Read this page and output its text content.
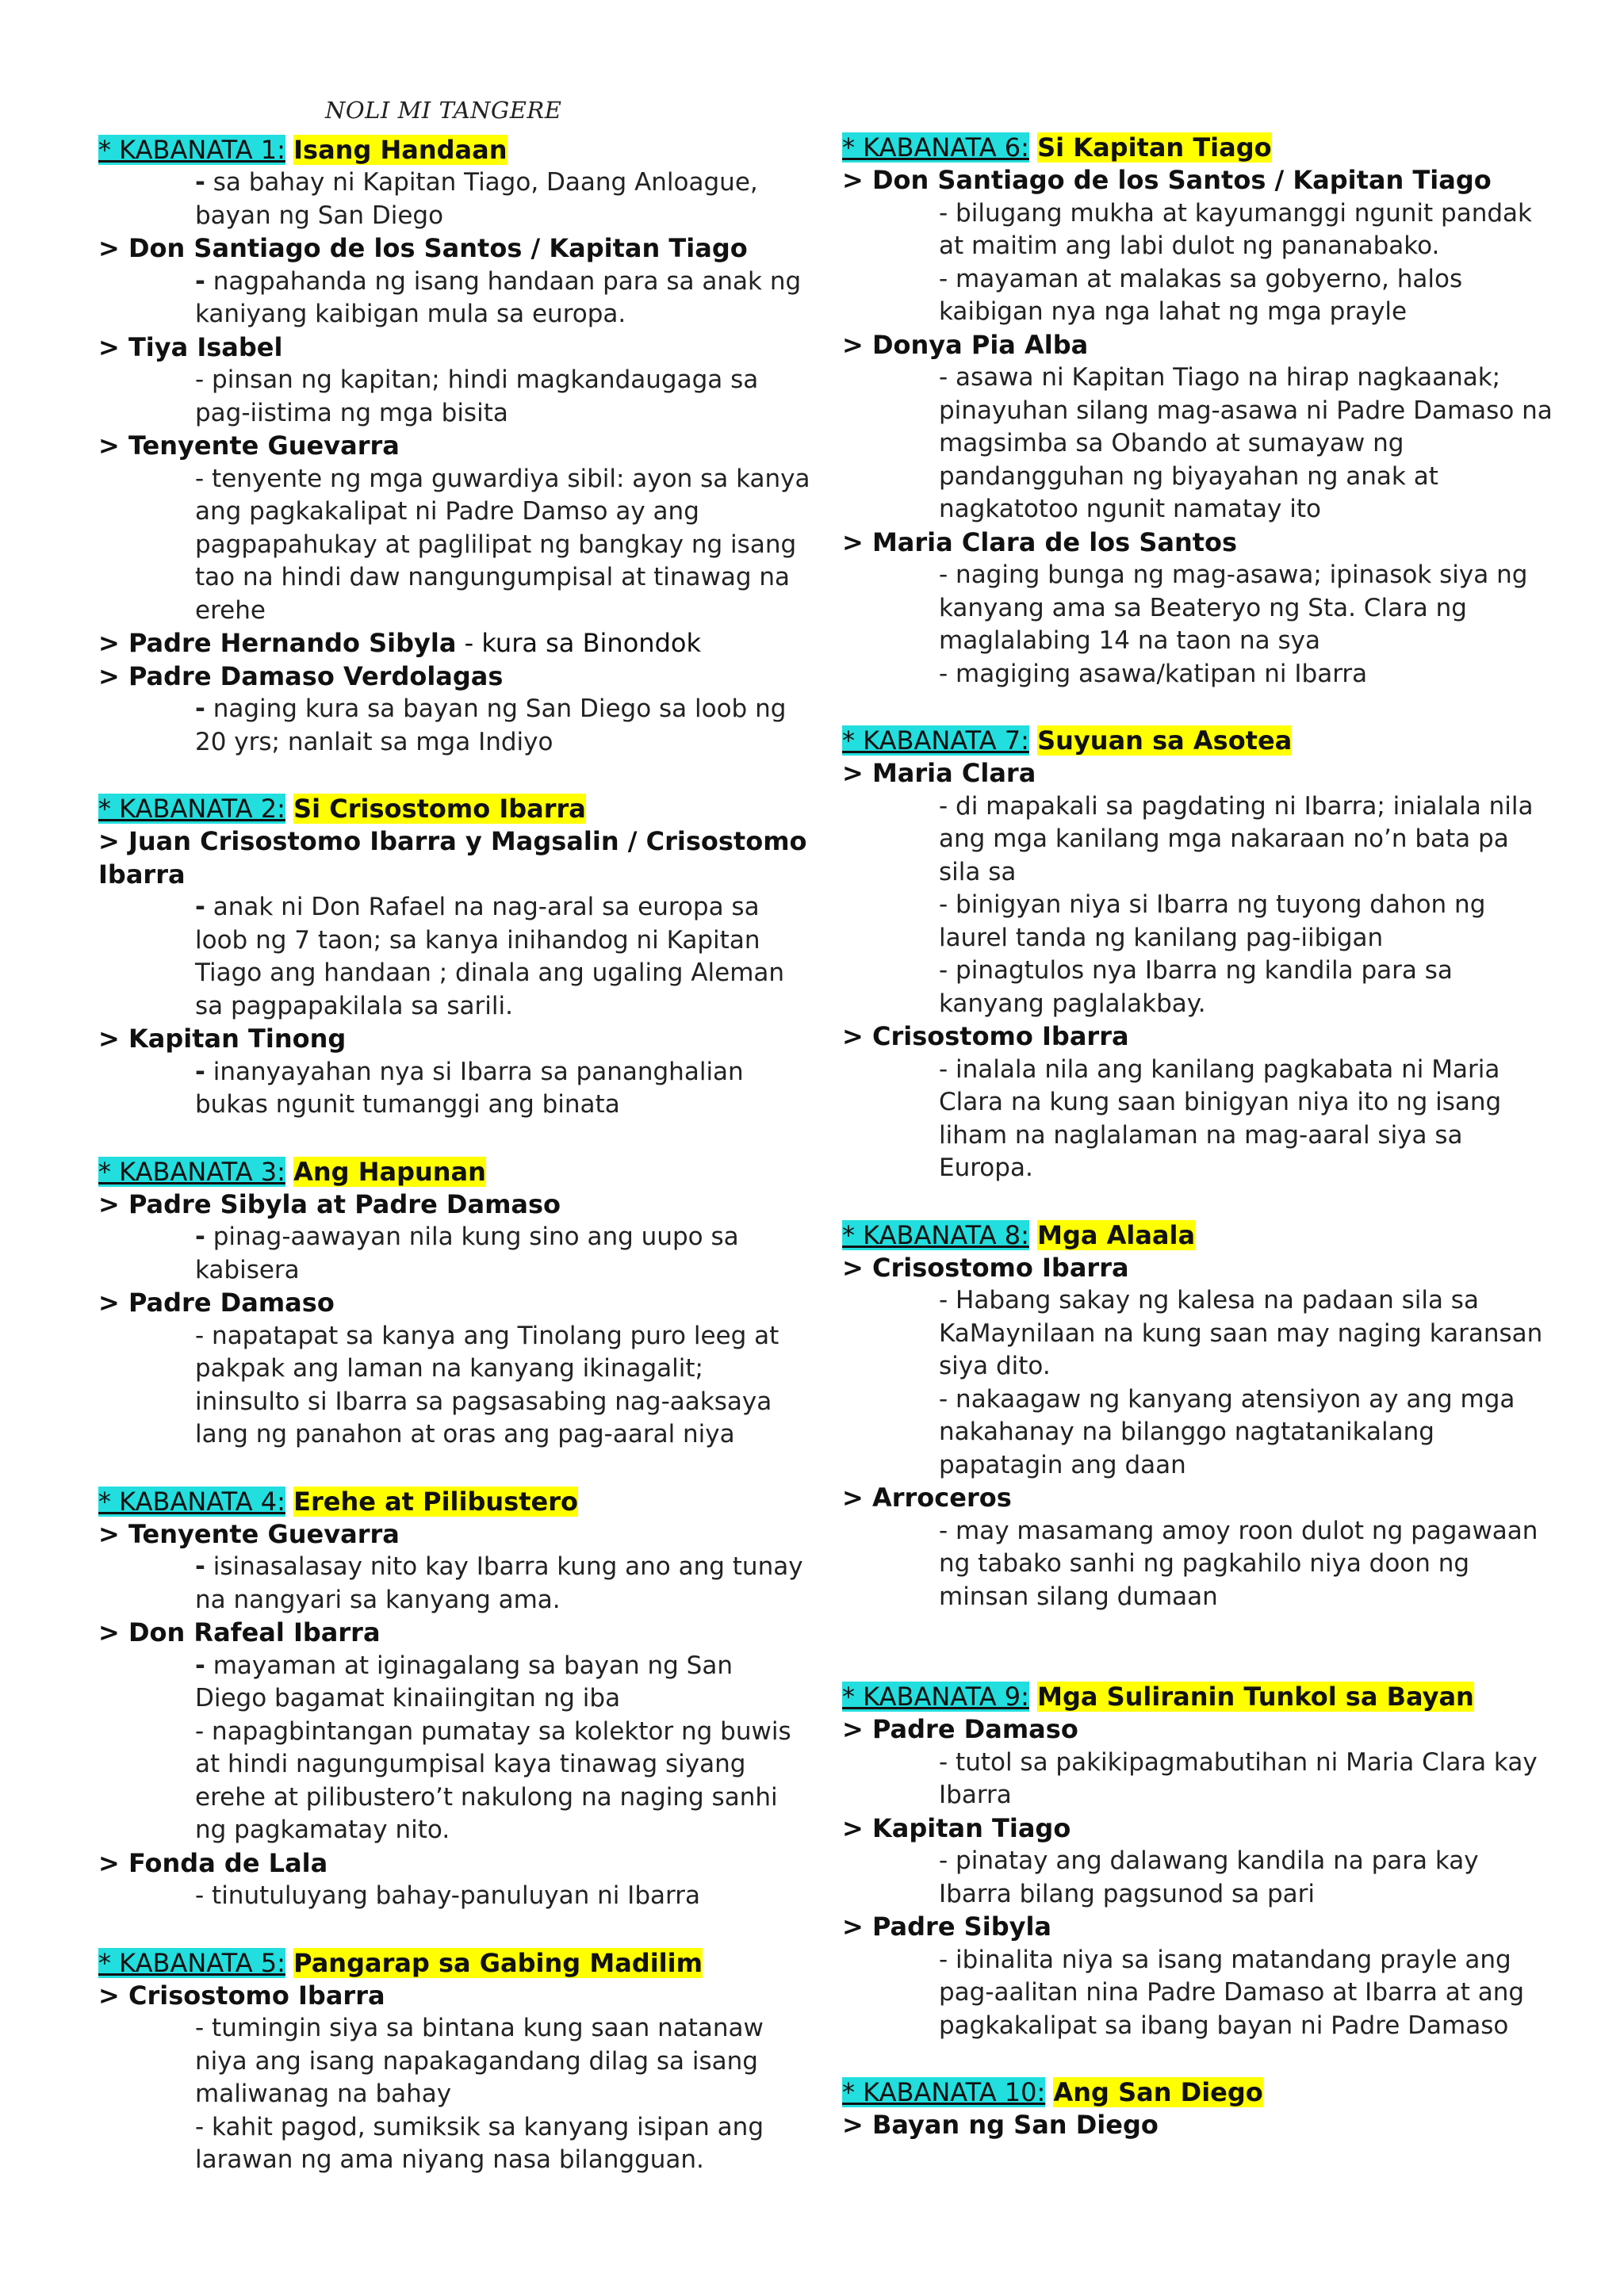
NOLI MI TANGERE
* KABANATA 1: Isang Handaan

- sa bahay ni Kapitan Tiago, Daang Anloague, bayan ng San Diego

> Don Santiago de los Santos / Kapitan Tiago

- nagpahanda ng isang handaan para sa anak ng kaniyang kaibigan mula sa europa.

> Tiya Isabel

- pinsan ng kapitan; hindi magkandaugaga sa pag-iistima ng mga bisita

> Tenyente Guevarra

- tenyente ng mga guwardiya sibil: ayon sa kanya ang pagkakalipat ni Padre Damso ay ang pagpapahukay at paglilipat ng bangkay ng isang tao na hindi daw nangungumpisal at tinawag na erehe

> Padre Hernando Sibyla - kura sa Binondok

> Padre Damaso Verdolagas

- naging kura sa bayan ng San Diego sa loob ng 20 yrs; nanlait sa mga Indiyo

* KABANATA 2: Si Crisostomo Ibarra

> Juan Crisostomo Ibarra y Magsalin / Crisostomo Ibarra

- anak ni Don Rafael na nag-aral sa europa sa loob ng 7 taon; sa kanya inihandog ni Kapitan Tiago ang handaan ; dinala ang ugaling Aleman sa pagpapakilala sa sarili.

> Kapitan Tinong

- inanyayahan nya si Ibarra sa pananghalian bukas ngunit tumanggi ang binata

* KABANATA 3: Ang Hapunan

> Padre Sibyla at Padre Damaso

- pinag-aawayan nila kung sino ang uupo sa kabisera

> Padre Damaso

- napatapat sa kanya ang Tinolang puro leeg at pakpak ang laman na kanyang ikinagalit; ininsulto si Ibarra sa pagsasabing nag-aaksaya lang ng panahon at oras ang pag-aaral niya

* KABANATA 4: Erehe at Pilibustero

> Tenyente Guevarra

- isinasalasay nito kay Ibarra kung ano ang tunay na nangyari sa kanyang ama.

> Don Rafeal Ibarra

- mayaman at iginagalang sa bayan ng San Diego bagamat kinaiingitan ng iba

- napagbintangan pumatay sa kolektor ng buwis at hindi nagungumpisal kaya tinawag siyang erehe at pilibustero’t nakulong na naging sanhi ng pagkamatay nito.

> Fonda de Lala

- tinutuluyang bahay-panuluyan ni Ibarra

* KABANATA 5: Pangarap sa Gabing Madilim

> Crisostomo Ibarra

- tumingin siya sa bintana kung saan natanaw niya ang isang napakagandang dilag sa isang maliwanag na bahay

- kahit pagod, sumiksik sa kanyang isipan ang larawan ng ama niyang nasa bilangguan.

* KABANATA 6: Si Kapitan Tiago

> Don Santiago de los Santos / Kapitan Tiago

- bilugang mukha at kayumanggi ngunit pandak at maitim ang labi dulot ng pananabako.

- mayaman at malakas sa gobyerno, halos kaibigan nya nga lahat ng mga prayle

> Donya Pia Alba

- asawa ni Kapitan Tiago na hirap nagkaanak; pinayuhan silang mag-asawa ni Padre Damaso na magsimba sa Obando at sumayaw ng pandangguhan ng biyayahan ng anak at nagkatotoo ngunit namatay ito

> Maria Clara de los Santos

- naging bunga ng mag-asawa; ipinasok siya ng kanyang ama sa Beateryo ng Sta. Clara ng maglalabing 14 na taon na sya

- magiging asawa/katipan ni Ibarra

* KABANATA 7: Suyuan sa Asotea

> Maria Clara

- di mapakali sa pagdating ni Ibarra; inialala nila ang mga kanilang mga nakaraan no’n bata pa sila sa

- binigyan niya si Ibarra ng tuyong dahon ng laurel tanda ng kanilang pag-iibigan

- pinagtulos nya Ibarra ng kandila para sa kanyang paglalakbay.

> Crisostomo Ibarra

- inalala nila ang kanilang pagkabata ni Maria Clara na kung saan binigyan niya ito ng isang liham na naglalaman na mag-aaral siya sa Europa.

* KABANATA 8: Mga Alaala

> Crisostomo Ibarra

- Habang sakay ng kalesa na padaan sila sa KaMaynilaan na kung saan may naging karansan siya dito.

- nakaagaw ng kanyang atensiyon ay ang mga nakahanay na bilanggo nagtatanikalang papatagin ang daan

> Arroceros

- may masamang amoy roon dulot ng pagawaan ng tabako sanhi ng pagkahilo niya doon ng minsan silang dumaan

* KABANATA 9: Mga Suliranin Tunkol sa Bayan

> Padre Damaso

- tutol sa pakikipagmabutihan ni Maria Clara kay Ibarra

> Kapitan Tiago

- pinatay ang dalawang kandila na para kay Ibarra bilang pagsunod sa pari

> Padre Sibyla

- ibinalita niya sa isang matandang prayle ang pag-aalitan nina Padre Damaso at Ibarra at ang pagkakalipat sa ibang bayan ni Padre Damaso

* KABANATA 10: Ang San Diego

> Bayan ng San Diego
